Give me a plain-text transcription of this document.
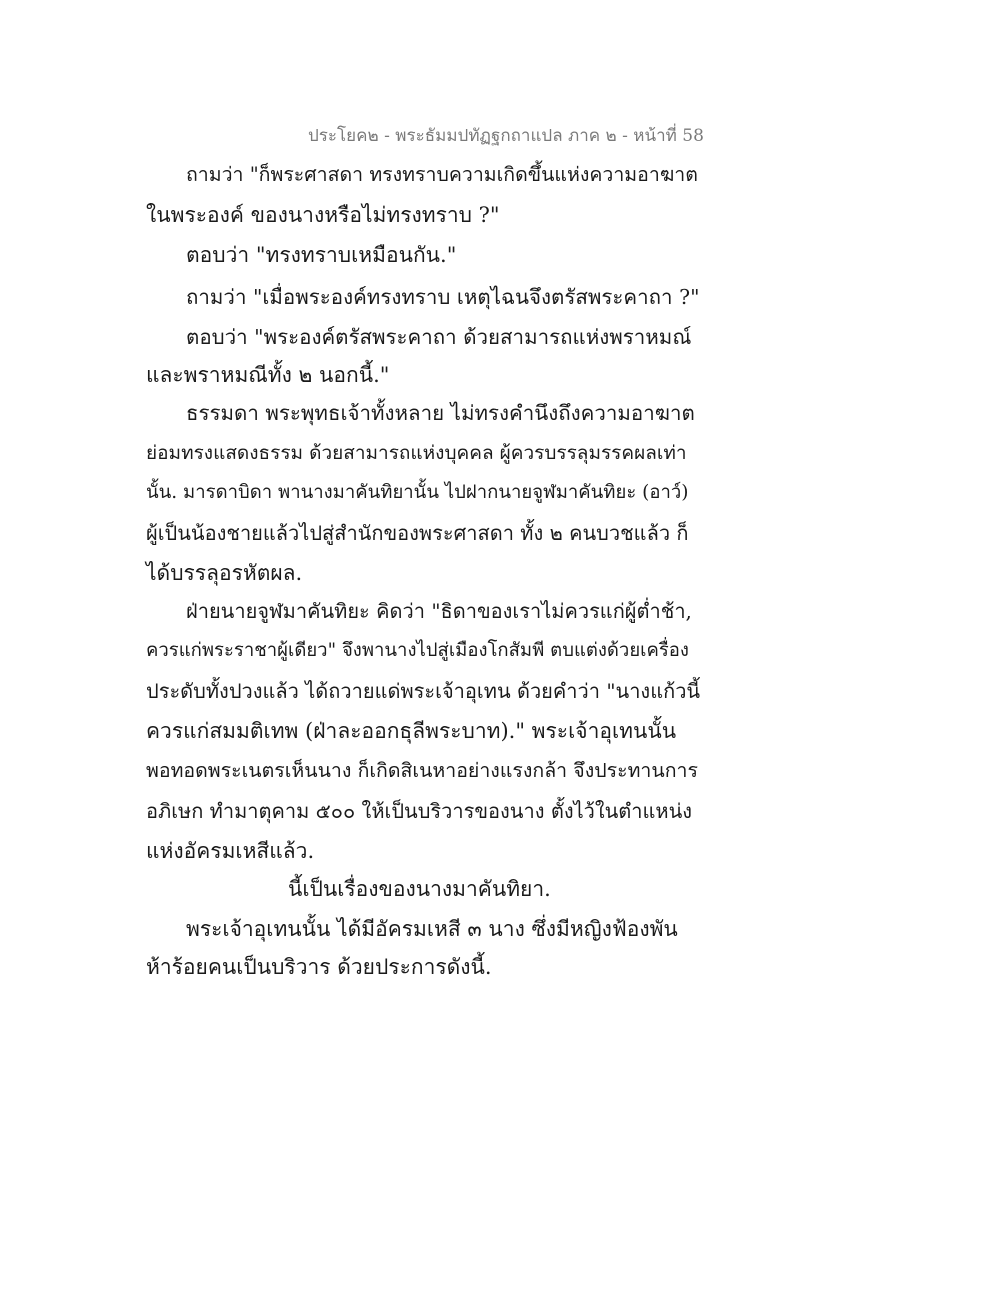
ประโยค๒ - พระธัมมปทัฏฐกถาแปล ภาค ๒ - หน้าที่ 58
ถามว่า "ก็พระศาสดา ทรงทราบความเกิดขึ้นแห่งความอาฆาต
ในพระองค์ ของนางหรือไม่ทรงทราบ ?"
ตอบว่า "ทรงทราบเหมือนกัน."
ถามว่า "เมื่อพระองค์ทรงทราบ เหตุไฉนจึงตรัสพระคาถา ?"
ตอบว่า "พระองค์ตรัสพระคาถา ด้วยสามารถแห่งพราหมณ์
และพราหมณีทั้ง ๒ นอกนี้."
ธรรมดา พระพุทธเจ้าทั้งหลาย ไม่ทรงคำนึงถึงความอาฆาต
ย่อมทรงแสดงธรรม ด้วยสามารถแห่งบุคคล ผู้ควรบรรลุมรรคผลเท่า
นั้น. มารดาบิดา พานางมาคันทิยานั้น ไปฝากนายจูฬมาคันทิยะ (อาว์)
ผู้เป็นน้องชายแล้วไปสู่สำนักของพระศาสดา ทั้ง ๒ คนบวชแล้ว ก็
ได้บรรลุอรหัตผล.
ฝ่ายนายจูฬมาคันทิยะ คิดว่า "ธิดาของเราไม่ควรแก่ผู้ต่ำช้า,
ควรแก่พระราชาผู้เดียว" จึงพานางไปสู่เมืองโกสัมพี ตบแต่งด้วยเครื่อง
ประดับทั้งปวงแล้ว ได้ถวายแด่พระเจ้าอุเทน ด้วยคำว่า "นางแก้วนี้
ควรแก่สมมติเทพ (ฝ่าละออกธุลีพระบาท)." พระเจ้าอุเทนนั้น
พอทอดพระเนตรเห็นนาง ก็เกิดสิเนหาอย่างแรงกล้า จึงประทานการ
อภิเษก ทำมาตุคาม ๕๐๐ ให้เป็นบริวารของนาง ตั้งไว้ในตำแหน่ง
แห่งอัครมเหสีแล้ว.
นี้เป็นเรื่องของนางมาคันทิยา.
พระเจ้าอุเทนนั้น ได้มีอัครมเหสี ๓ นาง ซึ่งมีหญิงฟ้องพัน
ห้าร้อยคนเป็นบริวาร ด้วยประการดังนี้.
